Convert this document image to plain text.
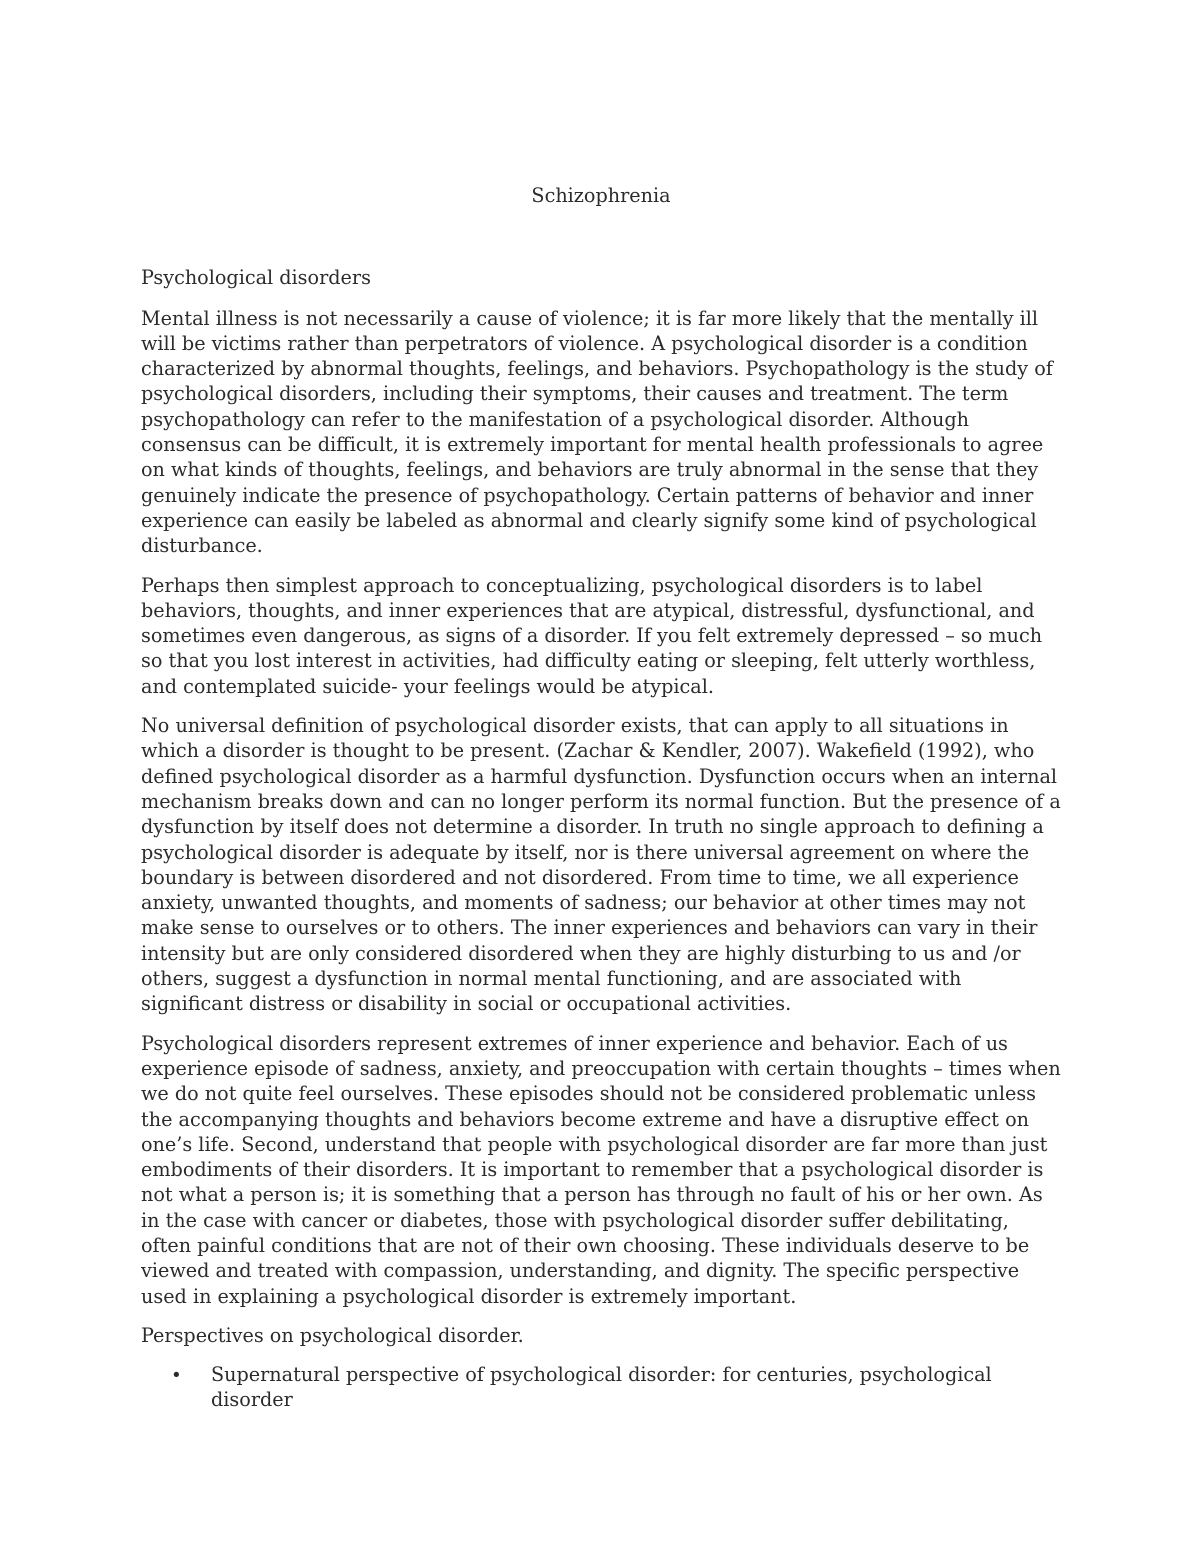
Schizophrenia
Psychological disorders

Mental illness is not necessarily a cause of violence; it is far more likely that the mentally ill will be victims rather than perpetrators of violence. A psychological disorder is a condition characterized by abnormal thoughts, feelings, and behaviors. Psychopathology is the study of psychological disorders, including their symptoms, their causes and treatment. The term psychopathology can refer to the manifestation of a psychological disorder. Although consensus can be difficult, it is extremely important for mental health professionals to agree on what kinds of thoughts, feelings, and behaviors are truly abnormal in the sense that they genuinely indicate the presence of psychopathology. Certain patterns of behavior and inner experience can easily be labeled as abnormal and clearly signify some kind of psychological disturbance.

Perhaps then simplest approach to conceptualizing, psychological disorders is to label behaviors, thoughts, and inner experiences that are atypical, distressful, dysfunctional, and sometimes even dangerous, as signs of a disorder. If you felt extremely depressed – so much so that you lost interest in activities, had difficulty eating or sleeping, felt utterly worthless, and contemplated suicide- your feelings would be atypical.

No universal definition of psychological disorder exists, that can apply to all situations in which a disorder is thought to be present. (Zachar & Kendler, 2007). Wakefield (1992), who defined psychological disorder as a harmful dysfunction. Dysfunction occurs when an internal mechanism breaks down and can no longer perform its normal function. But the presence of a dysfunction by itself does not determine a disorder. In truth no single approach to defining a psychological disorder is adequate by itself, nor is there universal agreement on where the boundary is between disordered and not disordered. From time to time, we all experience anxiety, unwanted thoughts, and moments of sadness; our behavior at other times may not make sense to ourselves or to others. The inner experiences and behaviors can vary in their intensity but are only considered disordered when they are highly disturbing to us and /or others, suggest a dysfunction in normal mental functioning, and are associated with significant distress or disability in social or occupational activities.

Psychological disorders represent extremes of inner experience and behavior. Each of us experience episode of sadness, anxiety, and preoccupation with certain thoughts – times when we do not quite feel ourselves. These episodes should not be considered problematic unless the accompanying thoughts and behaviors become extreme and have a disruptive effect on one’s life. Second, understand that people with psychological disorder are far more than just embodiments of their disorders. It is important to remember that a psychological disorder is not what a person is; it is something that a person has through no fault of his or her own. As in the case with cancer or diabetes, those with psychological disorder suffer debilitating, often painful conditions that are not of their own choosing. These individuals deserve to be viewed and treated with compassion, understanding, and dignity. The specific perspective used in explaining a psychological disorder is extremely important.

Perspectives on psychological disorder.
• Supernatural perspective of psychological disorder: for centuries, psychological disorder
